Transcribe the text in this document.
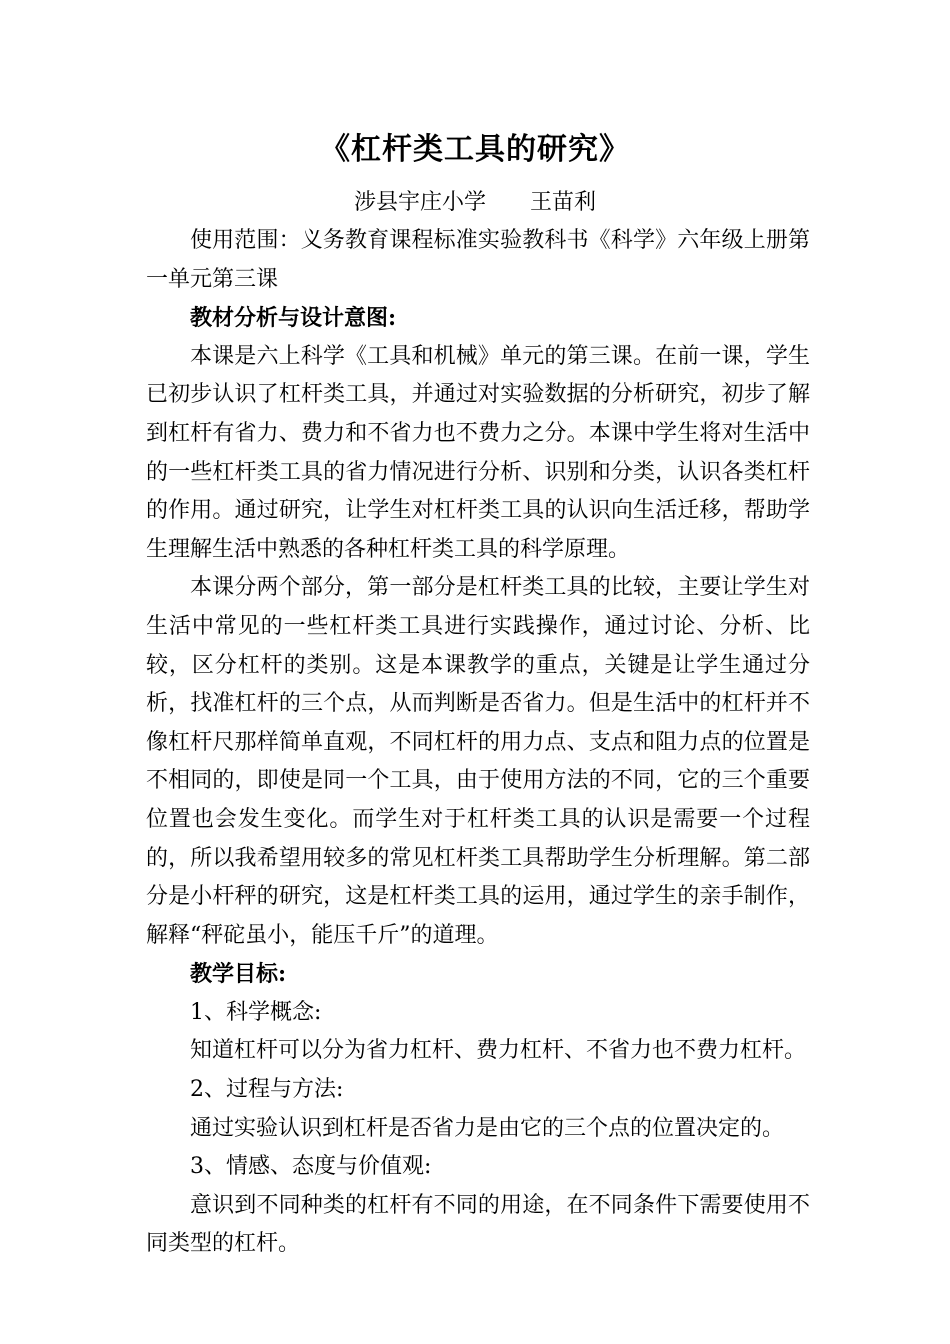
《杠杆类工具的研究》
涉县宇庄小学 王苗利

使用范围：义务教育课程标准实验教科书《科学》六年级上册第一单元第三课

教材分析与设计意图:

本课是六上科学《工具和机械》单元的第三课。在前一课，学生已初步认识了杠杆类工具，并通过对实验数据的分析研究，初步了解到杠杆有省力、费力和不省力也不费力之分。本课中学生将对生活中的一些杠杆类工具的省力情况进行分析、识别和分类，认识各类杠杆的作用。通过研究，让学生对杠杆类工具的认识向生活迁移，帮助学生理解生活中熟悉的各种杠杆类工具的科学原理。

本课分两个部分，第一部分是杠杆类工具的比较，主要让学生对生活中常见的一些杠杆类工具进行实践操作，通过讨论、分析、比较，区分杠杆的类别。这是本课教学的重点，关键是让学生通过分析，找准杠杆的三个点，从而判断是否省力。但是生活中的杠杆并不像杠杆尺那样简单直观，不同杠杆的用力点、支点和阻力点的位置是不相同的，即使是同一个工具，由于使用方法的不同，它的三个重要位置也会发生变化。而学生对于杠杆类工具的认识是需要一个过程的，所以我希望用较多的常见杠杆类工具帮助学生分析理解。第二部分是小杆秤的研究，这是杠杆类工具的运用，通过学生的亲手制作，解释“秤砣虽小，能压千斤”的道理。

教学目标:

1、科学概念:

知道杠杆可以分为省力杠杆、费力杠杆、不省力也不费力杠杆。

2、过程与方法:

通过实验认识到杠杆是否省力是由它的三个点的位置决定的。

3、情感、态度与价值观:

意识到不同种类的杠杆有不同的用途，在不同条件下需要使用不同类型的杠杆。
